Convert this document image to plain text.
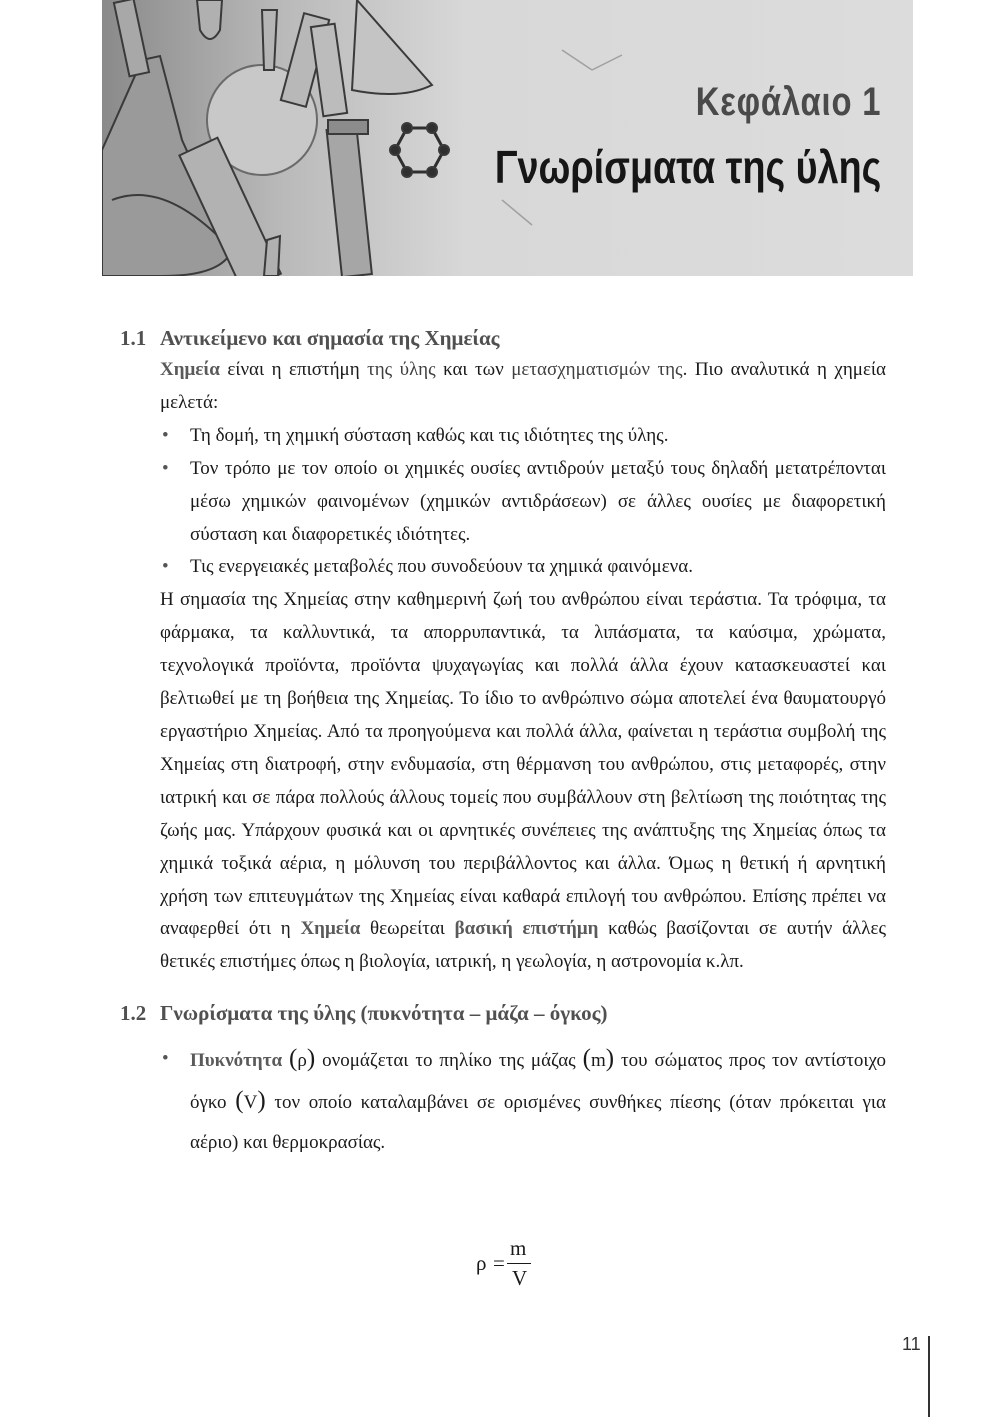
Κεφάλαιο 1
Γνωρίσματα της ύλης
1.1 Αντικείμενο και σημασία της Χημείας

Χημεία είναι η επιστήμη της ύλης και των μετασχηματισμών της. Πιο αναλυτικά η χημεία μελετά:

• Τη δομή, τη χημική σύσταση καθώς και τις ιδιότητες της ύλης.
• Τον τρόπο με τον οποίο οι χημικές ουσίες αντιδρούν μεταξύ τους δηλαδή μετατρέπονται μέσω χημικών φαινομένων (χημικών αντιδράσεων) σε άλλες ουσίες με διαφορετική σύσταση και διαφορετικές ιδιότητες.
• Τις ενεργειακές μεταβολές που συνοδεύουν τα χημικά φαινόμενα.

Η σημασία της Χημείας στην καθημερινή ζωή του ανθρώπου είναι τεράστια. Τα τρόφιμα, τα φάρμακα, τα καλλυντικά, τα απορρυπαντικά, τα λιπάσματα, τα καύσιμα, χρώματα, τεχνολογικά προϊόντα, προϊόντα ψυχαγωγίας και πολλά άλλα έχουν κατασκευαστεί και βελτιωθεί με τη βοήθεια της Χημείας. Το ίδιο το ανθρώπινο σώμα αποτελεί ένα θαυματουργό εργαστήριο Χημείας. Από τα προηγούμενα και πολλά άλλα, φαίνεται η τεράστια συμβολή της Χημείας στη διατροφή, στην ενδυμασία, στη θέρμανση του ανθρώπου, στις μεταφορές, στην ιατρική και σε πάρα πολλούς άλλους τομείς που συμβάλλουν στη βελτίωση της ποιότητας της ζωής μας. Υπάρχουν φυσικά και οι αρνητικές συνέπειες της ανάπτυξης της Χημείας όπως τα χημικά τοξικά αέρια, η μόλυνση του περιβάλλοντος και άλλα. Όμως η θετική ή αρνητική χρήση των επιτευγμάτων της Χημείας είναι καθαρά επιλογή του ανθρώπου. Επίσης πρέπει να αναφερθεί ότι η Χημεία θεωρείται βασική επιστήμη καθώς βασίζονται σε αυτήν άλλες θετικές επιστήμες όπως η βιολογία, ιατρική, η γεωλογία, η αστρονομία κ.λπ.

1.2 Γνωρίσματα της ύλης (πυκνότητα – μάζα – όγκος)
• Πυκνότητα (ρ) ονομάζεται το πηλίκο της μάζας (m) του σώματος προς τον αντίστοιχο όγκο (V) τον οποίο καταλαμβάνει σε ορισμένες συνθήκες πίεσης (όταν πρόκειται για αέριο) και θερμοκρασίας.
ρ =
m
V
11
